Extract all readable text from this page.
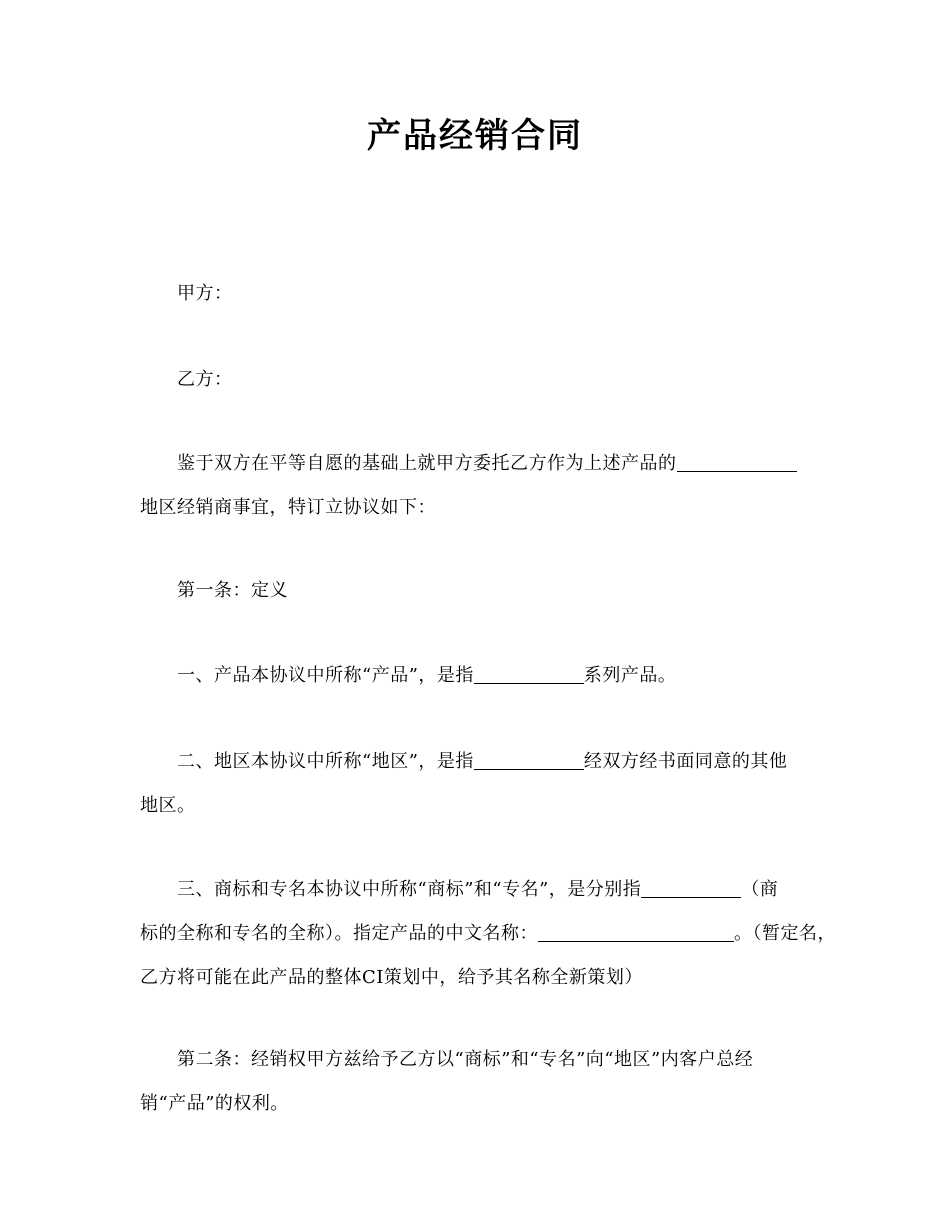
产品经销合同
甲方：
乙方：
鉴于双方在平等自愿的基础上就甲方委托乙方作为上述产品的
地区经销商事宜，特订立协议如下：
第一条：定义
一、产品本协议中所称“产品”，是指	系列产品。
二、地区本协议中所称“地区”，是指	经双方经书面同意的其他
地区。
三、商标和专名本协议中所称“商标”和“专名”，是分别指	（商
标的全称和专名的全称）。指定产品的中文名称：	。（暂定名，
乙方将可能在此产品的整体CI策划中，给予其名称全新策划）
第二条：经销权甲方兹给予乙方以“商标”和“专名”向“地区”内客户总经
销“产品”的权利。
